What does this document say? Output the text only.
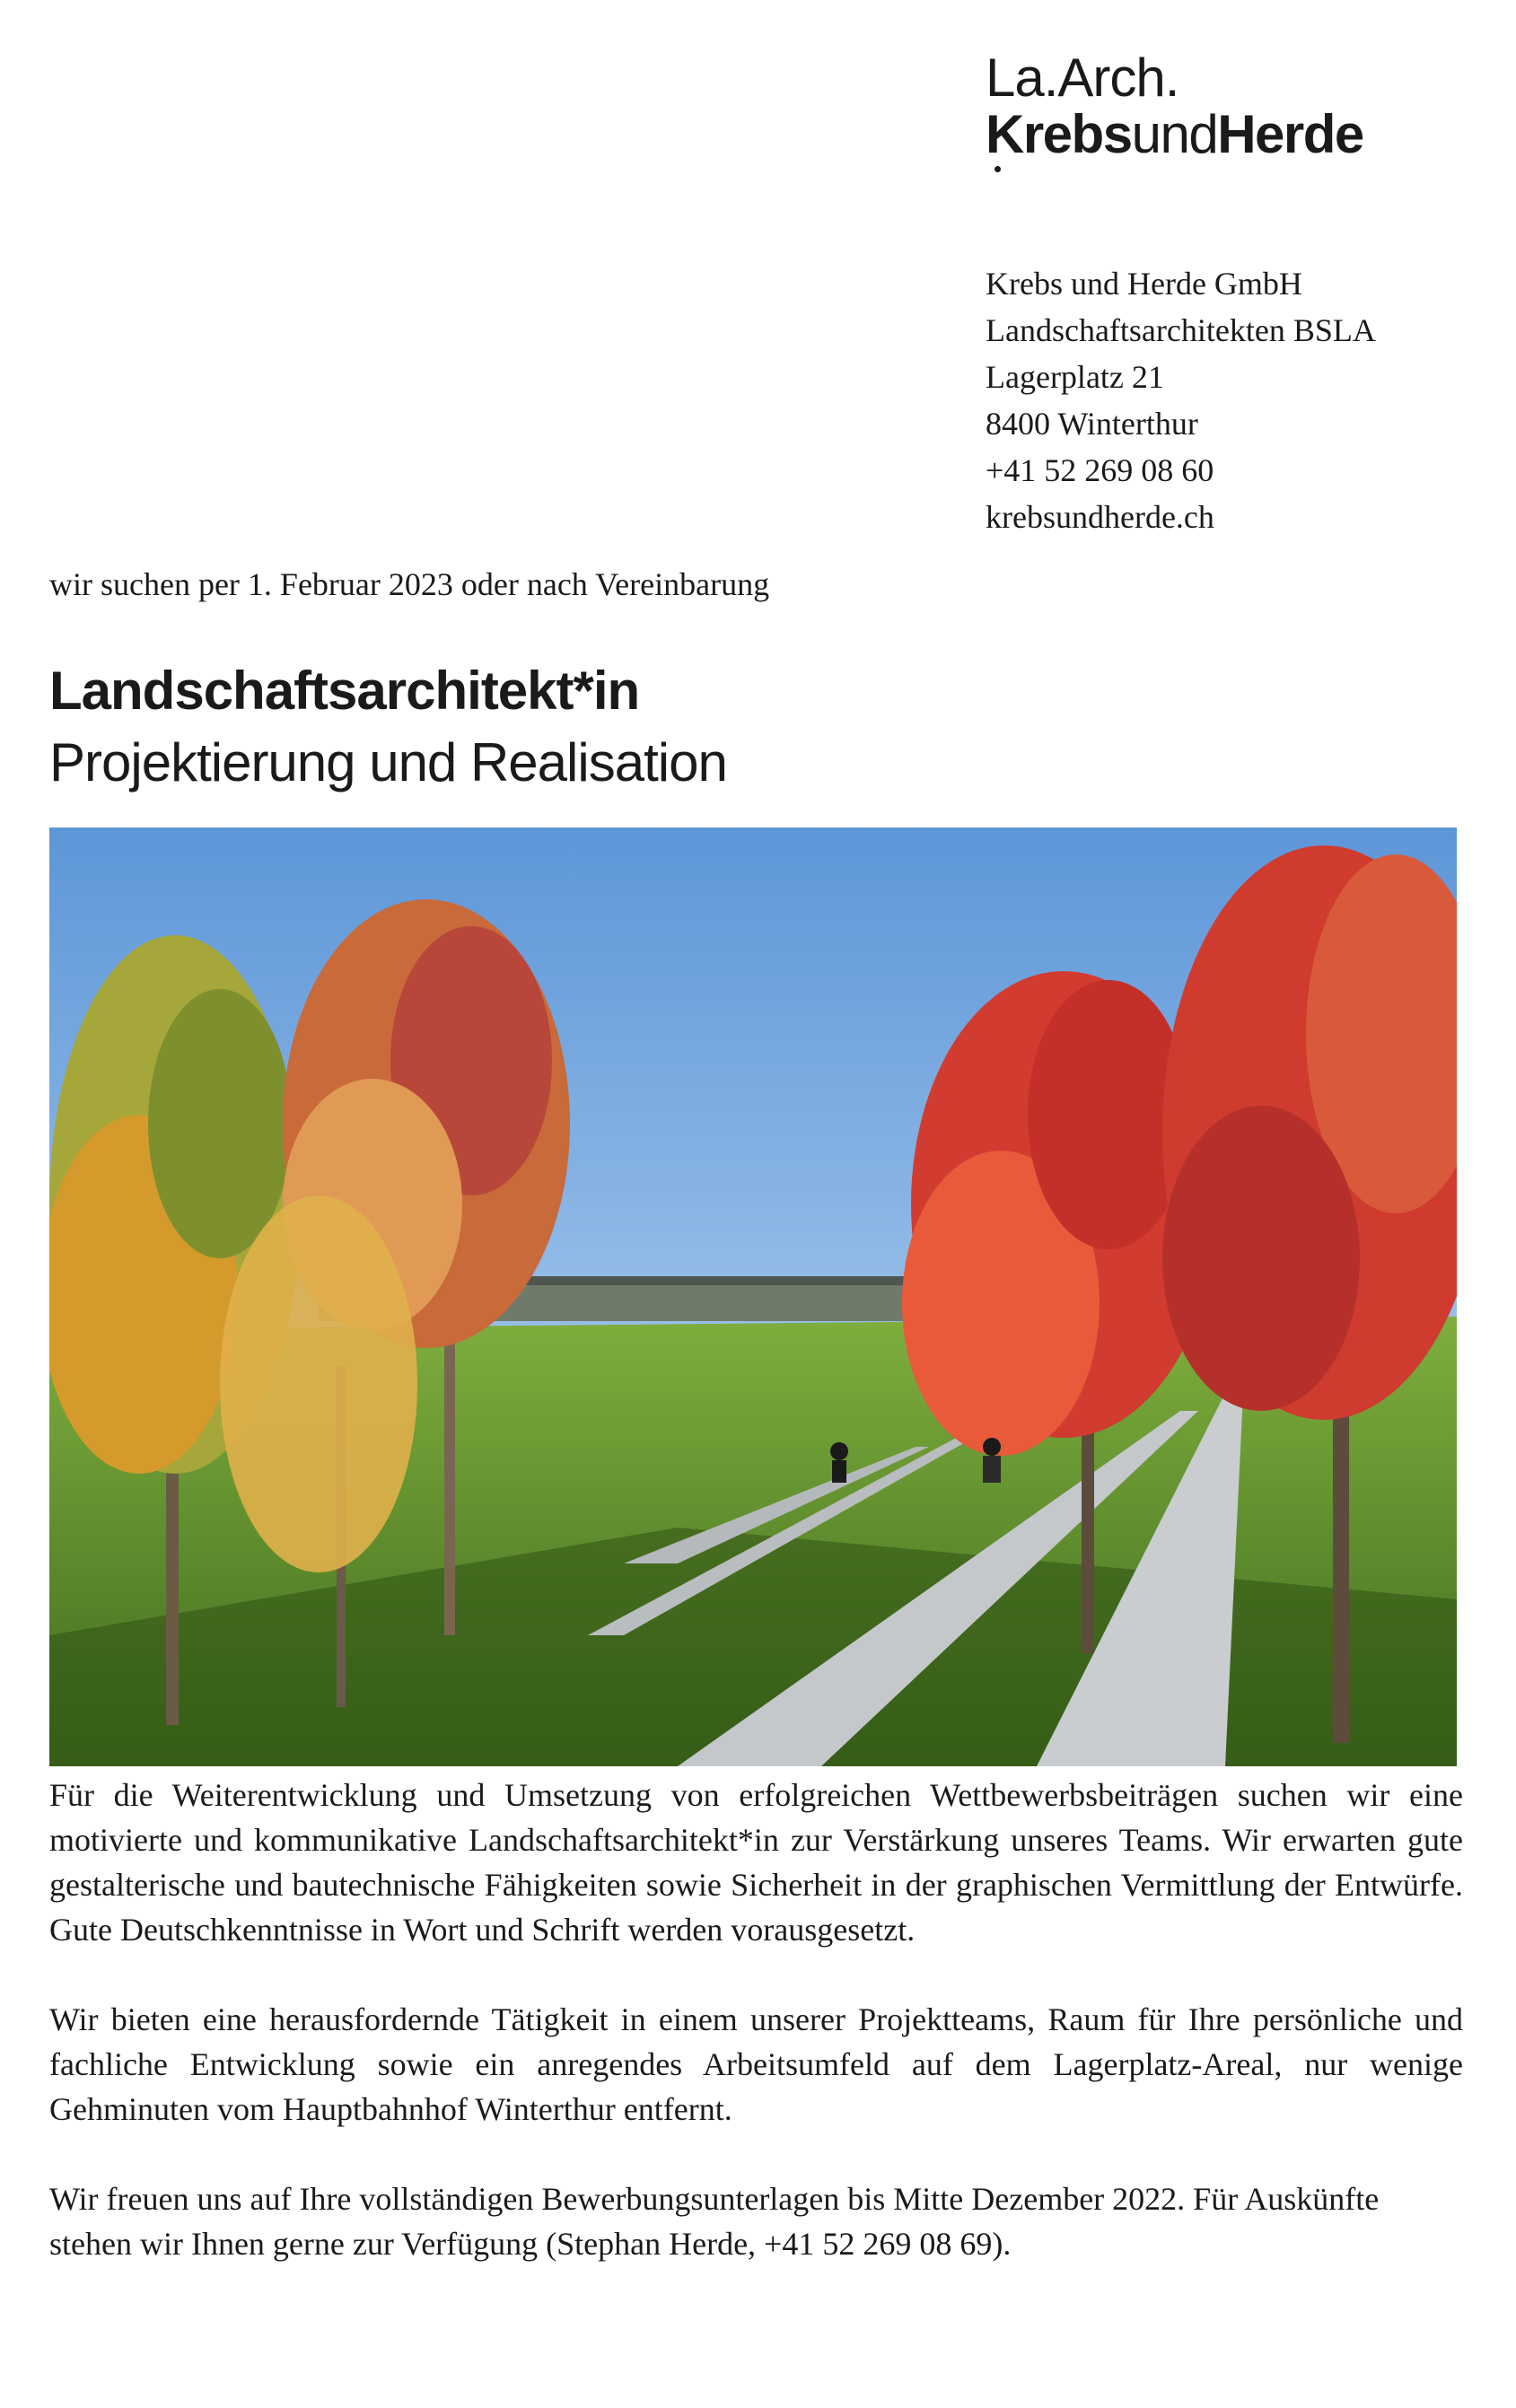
La.Arch.
KrebsundHerde
Krebs und Herde GmbH
Landschaftsarchitekten BSLA
Lagerplatz 21
8400 Winterthur
+41 52 269 08 60
krebsundherde.ch
wir suchen per 1. Februar 2023 oder nach Vereinbarung
Landschaftsarchitekt*in
Projektierung und Realisation

Für die Weiterentwicklung und Umsetzung von erfolgreichen Wettbewerbsbeiträgen suchen wir eine motivierte und kommunikative Landschaftsarchitekt*in zur Verstärkung unseres Teams. Wir erwarten gute gestalterische und bautechnische Fähigkeiten sowie Sicherheit in der graphischen Vermittlung der Entwürfe. Gute Deutschkenntnisse in Wort und Schrift werden vorausgesetzt.

Wir bieten eine herausfordernde Tätigkeit in einem unserer Projektteams, Raum für Ihre persönliche und fachliche Entwicklung sowie ein anregendes Arbeitsumfeld auf dem Lagerplatz-Areal, nur wenige Gehminuten vom Hauptbahnhof Winterthur entfernt.

Wir freuen uns auf Ihre vollständigen Bewerbungsunterlagen bis Mitte Dezember 2022. Für Auskünfte stehen wir Ihnen gerne zur Verfügung (Stephan Herde, +41 52 269 08 69).
